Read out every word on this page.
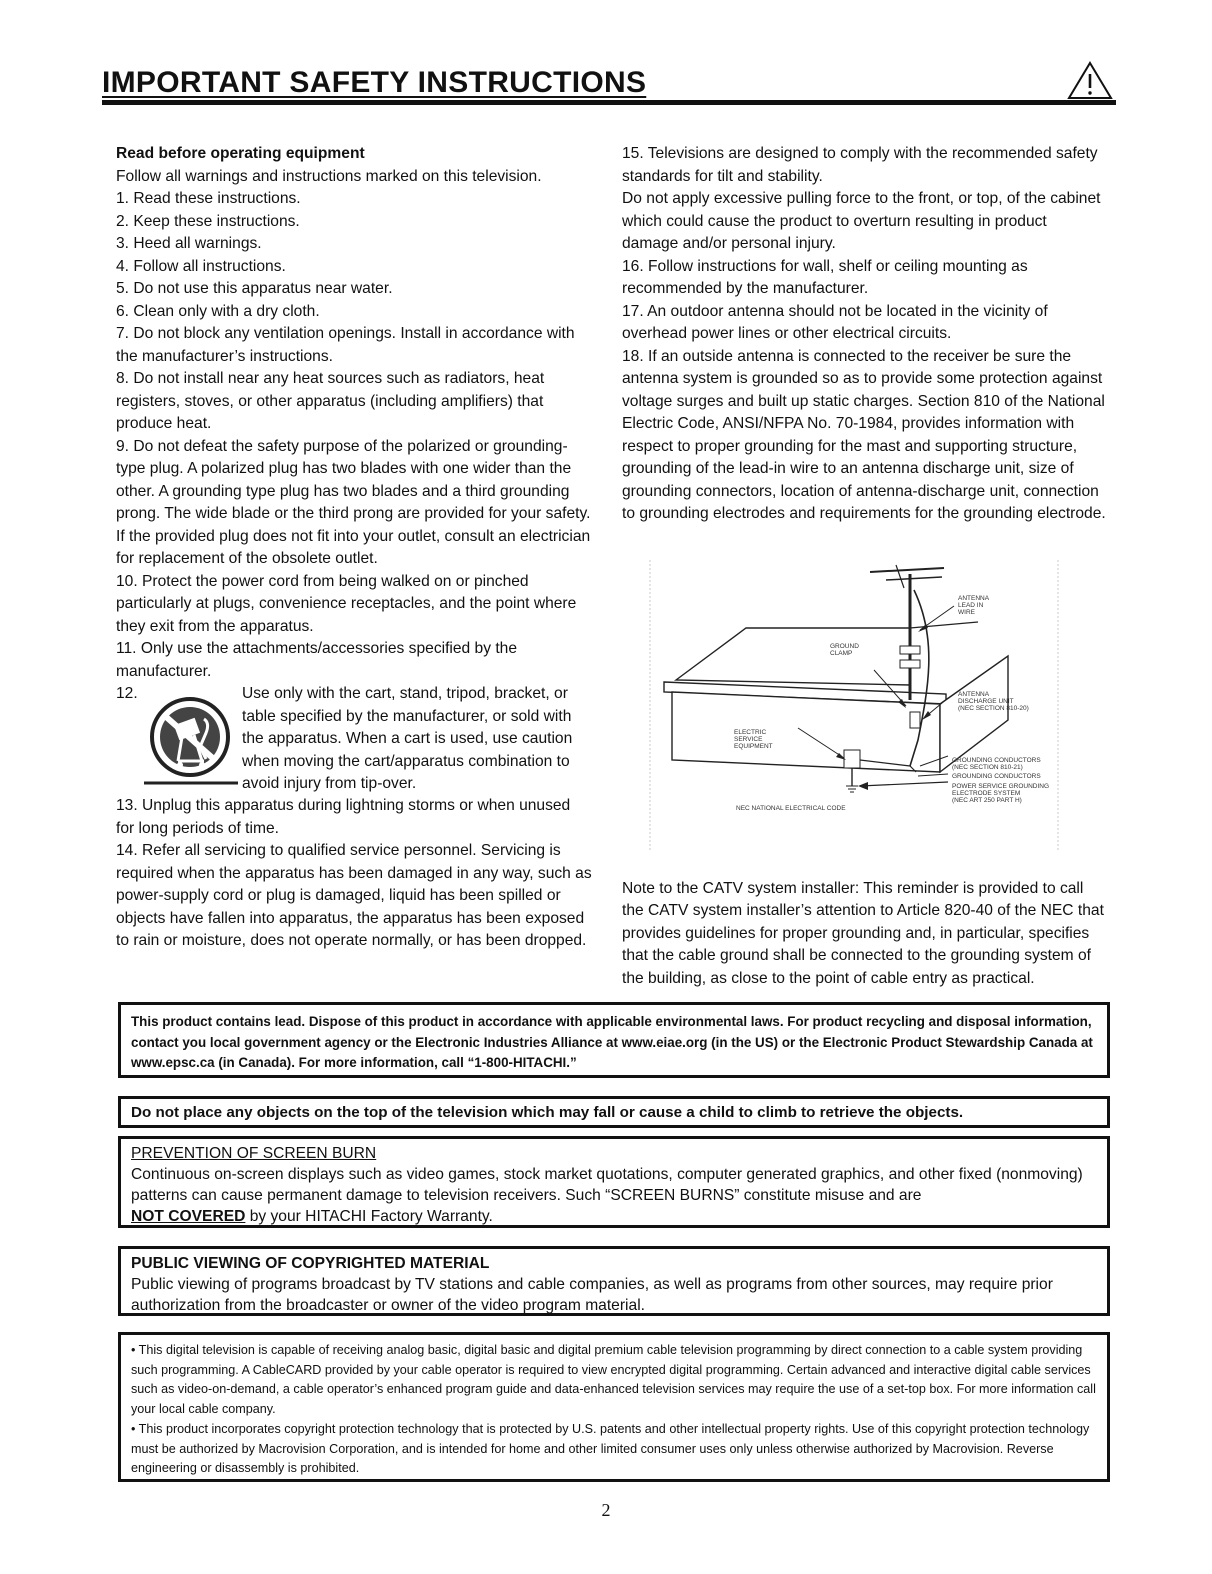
IMPORTANT SAFETY INSTRUCTIONS

Read before operating equipment

Follow all warnings and instructions marked on this television.

1. Read these instructions.

2. Keep these instructions.

3. Heed all warnings.

4. Follow all instructions.

5. Do not use this apparatus near water.

6. Clean only with a dry cloth.

7. Do not block any ventilation openings. Install in accordance with the manufacturer’s instructions.

8. Do not install near any heat sources such as radiators, heat registers, stoves, or other apparatus (including amplifiers) that produce heat.

9. Do not defeat the safety purpose of the polarized or grounding-type plug. A polarized plug has two blades with one wider than the other. A grounding type plug has two blades and a third grounding prong. The wide blade or the third prong are provided for your safety. If the provided plug does not fit into your outlet, consult an electrician for replacement of the obsolete outlet.

10. Protect the power cord from being walked on or pinched particularly at plugs, convenience receptacles, and the point where they exit from the apparatus.

11. Only use the attachments/accessories specified by the manufacturer.

12.	Use only with the cart, stand, tripod, bracket, or table specified by the manufacturer, or sold with the apparatus. When a cart is used, use caution when moving the cart/apparatus combination to avoid injury from tip-over.

13. Unplug this apparatus during lightning storms or when unused for long periods of time.

14. Refer all servicing to qualified service personnel. Servicing is required when the apparatus has been damaged in any way, such as power-supply cord or plug is damaged, liquid has been spilled or objects have fallen into apparatus, the apparatus has been exposed to rain or moisture, does not operate normally, or has been dropped.

15. Televisions are designed to comply with the recommended safety standards for tilt and stability.

Do not apply excessive pulling force to the front, or top, of the cabinet which could cause the product to overturn resulting in product damage and/or personal injury.

16. Follow instructions for wall, shelf or ceiling mounting as recommended by the manufacturer.

17. An outdoor antenna should not be located in the vicinity of overhead power lines or other electrical circuits.

18. If an outside antenna is connected to the receiver be sure the antenna system is grounded so as to provide some protection against voltage surges and built up static charges. Section 810 of the National Electric Code, ANSI/NFPA No. 70-1984, provides information with respect to proper grounding for the mast and supporting structure, grounding of the lead-in wire to an antenna discharge unit, size of grounding connectors, location of antenna-discharge unit, connection to grounding electrodes and requirements for the grounding electrode.

ANTENNA
LEAD IN
WIRE
GROUND
CLAMP
ANTENNA
DISCHARGE UNIT
(NEC SECTION 810-20)
ELECTRIC
SERVICE
EQUIPMENT
GROUNDING CONDUCTORS
(NEC SECTION 810-21)
GROUNDING CONDUCTORS
POWER SERVICE GROUNDING
ELECTRODE SYSTEM
(NEC ART 250 PART H)
NEC NATIONAL ELECTRICAL CODE

Note to the CATV system installer: This reminder is provided to call the CATV system installer’s attention to Article 820-40 of the NEC that provides guidelines for proper grounding and, in particular, specifies that the cable ground shall be connected to the grounding system of the building, as close to the point of cable entry as practical.

This product contains lead. Dispose of this product in accordance with applicable environmental laws. For product recycling and disposal information, contact you local government agency or the Electronic Industries Alliance at www.eiae.org (in the US) or the Electronic Product Stewardship Canada at www.epsc.ca (in Canada). For more information, call “1-800-HITACHI.”

Do not place any objects on the top of the television which may fall or cause a child to climb to retrieve the objects.

PREVENTION OF SCREEN BURN

Continuous on-screen displays such as video games, stock market quotations, computer generated graphics, and other fixed (nonmoving) patterns can cause permanent damage to television receivers. Such “SCREEN BURNS” constitute misuse and are
NOT COVERED by your HITACHI Factory Warranty.

PUBLIC VIEWING OF COPYRIGHTED MATERIAL

Public viewing of programs broadcast by TV stations and cable companies, as well as programs from other sources, may require prior authorization from the broadcaster or owner of the video program material.

• This digital television is capable of receiving analog basic, digital basic and digital premium cable television programming by direct connection to a cable system providing such programming. A CableCARD provided by your cable operator is required to view encrypted digital programming. Certain advanced and interactive digital cable services such as video-on-demand, a cable operator’s enhanced program guide and data-enhanced television services may require the use of a set-top box. For more information call your local cable company.

• This product incorporates copyright protection technology that is protected by U.S. patents and other intellectual property rights. Use of this copyright protection technology must be authorized by Macrovision Corporation, and is intended for home and other limited consumer uses only unless otherwise authorized by Macrovision. Reverse engineering or disassembly is prohibited.

2
